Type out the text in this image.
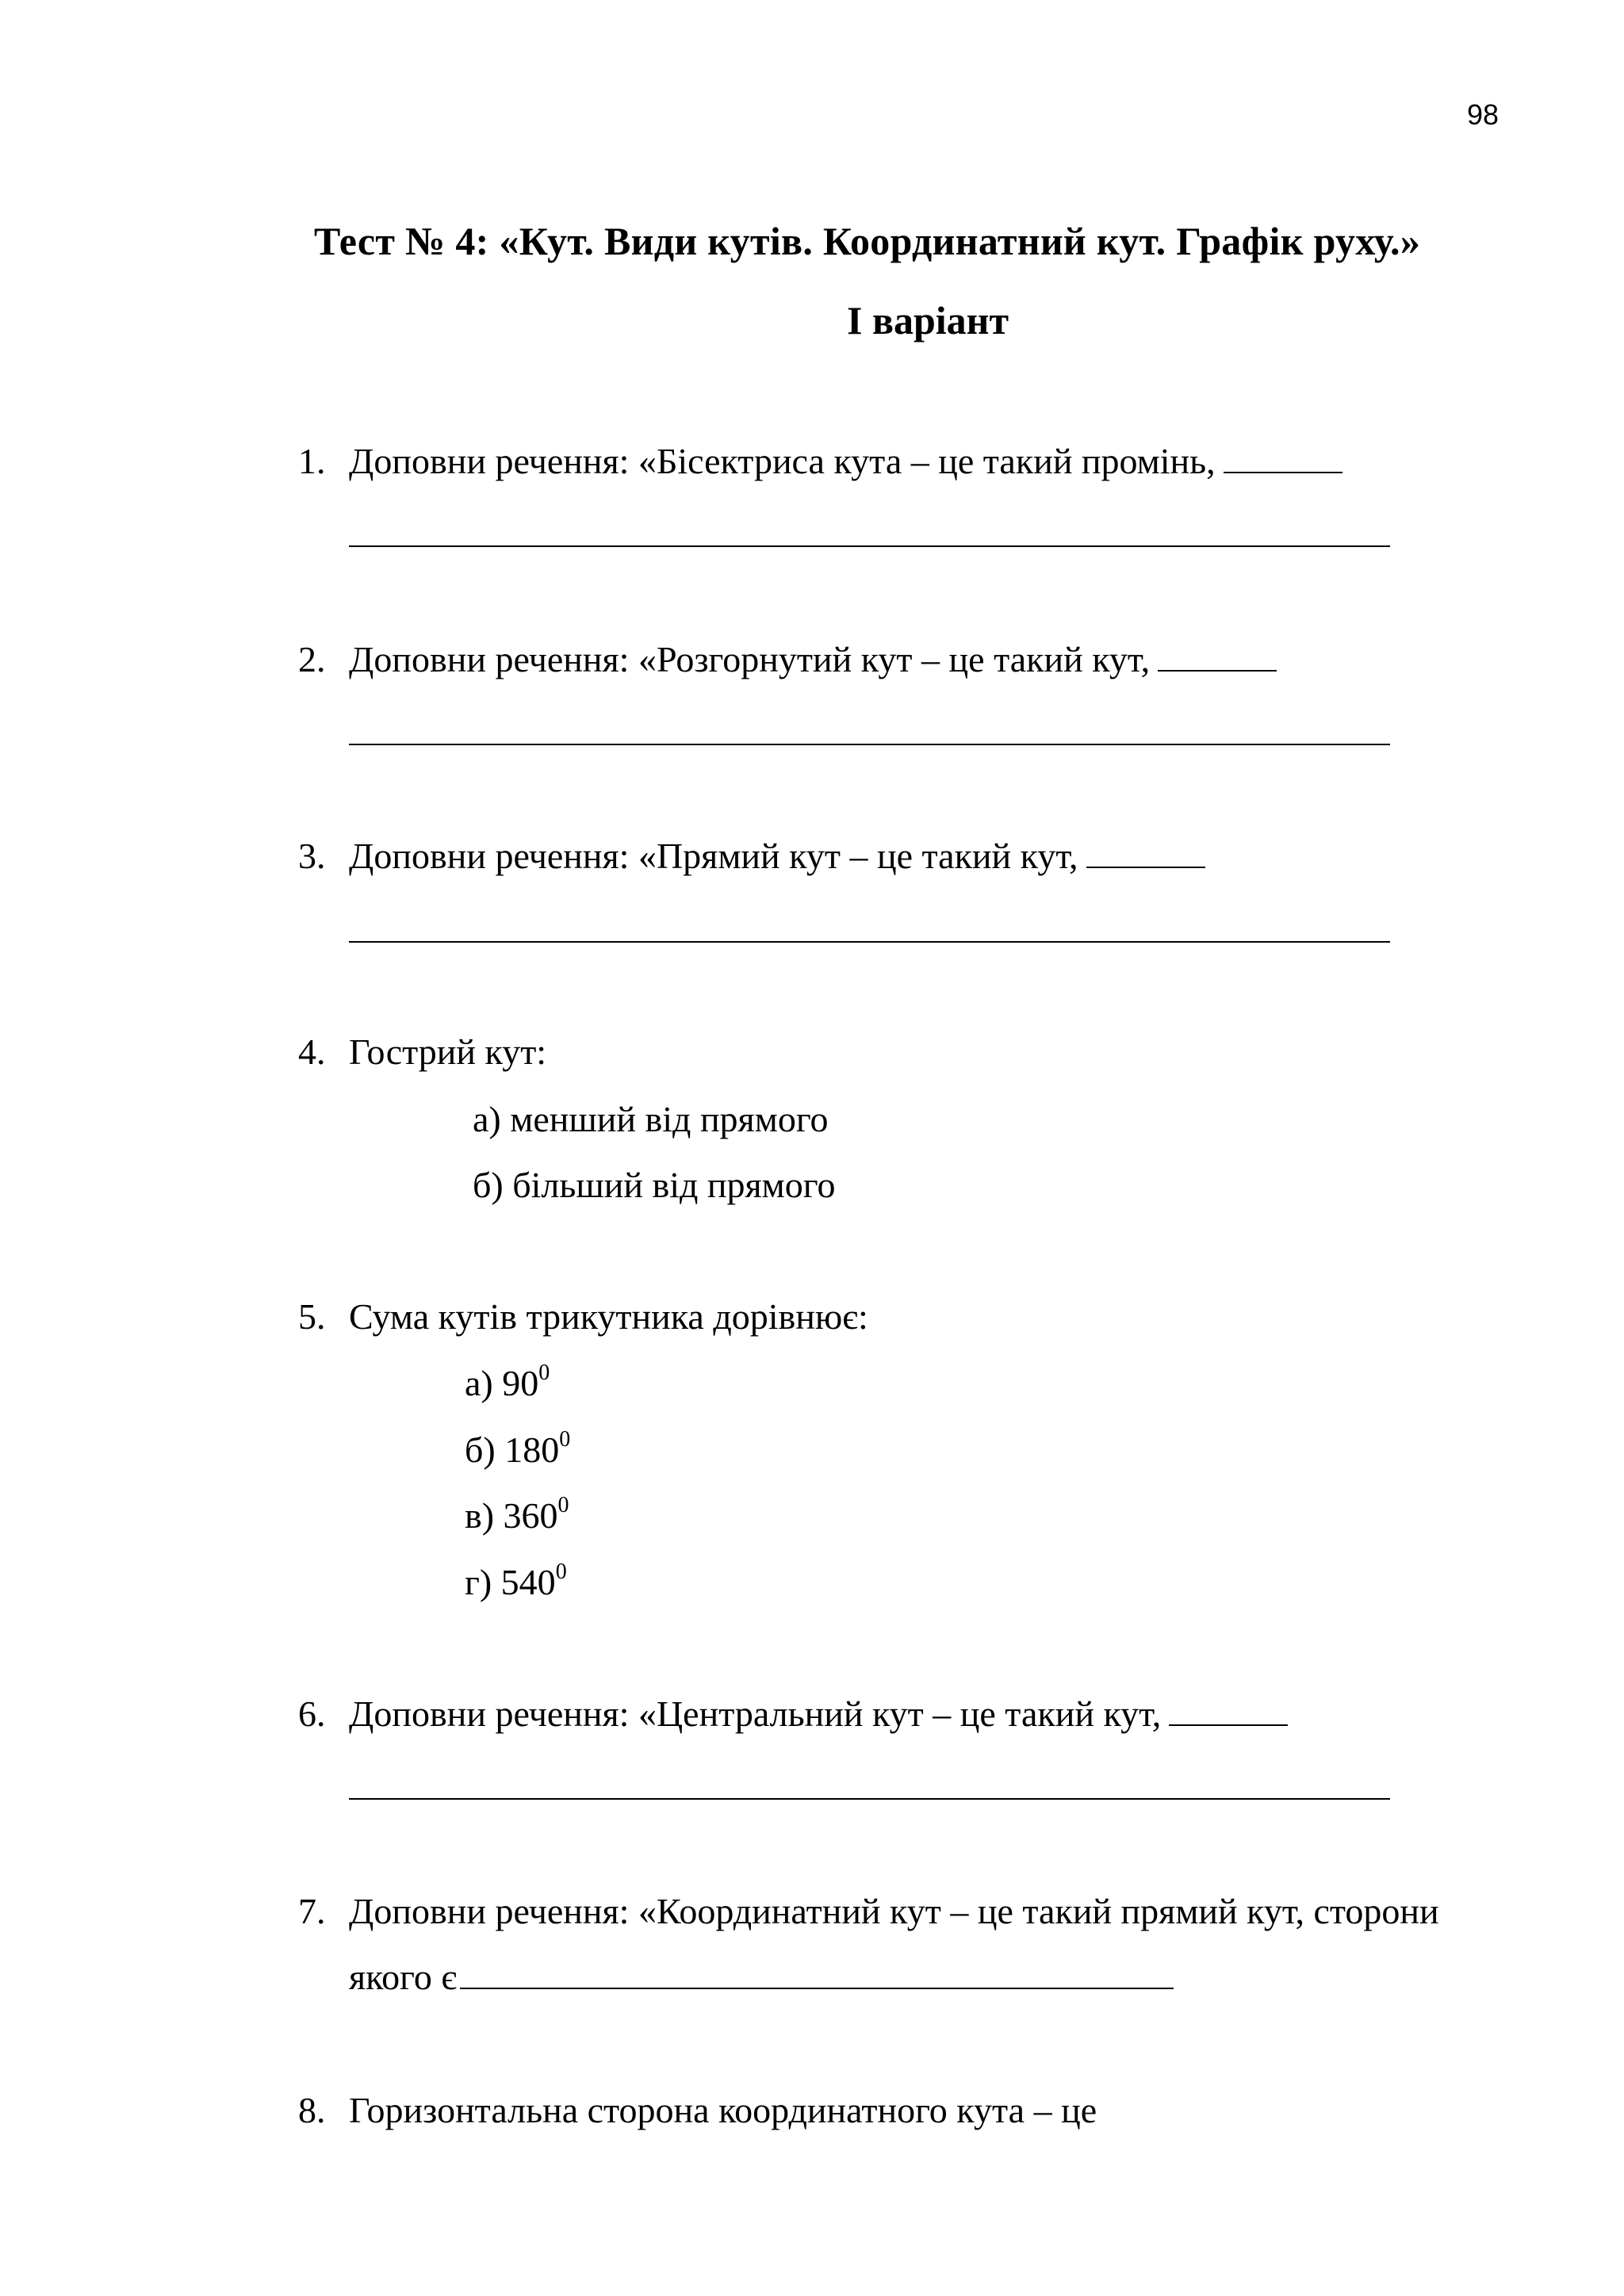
98
Тест № 4: «Кут. Види кутів. Координатний кут. Графік руху.»
I варіант
1. Доповни речення: «Бісектриса кута – це такий промінь,
2. Доповни речення: «Розгорнутий кут – це такий кут,
3. Доповни речення: «Прямий кут – це такий кут,
4. Гострий кут:
а) менший від прямого
б) більший від прямого
5. Сума кутів трикутника дорівнює:
а) $90^0$
б) $180^0$
в) $360^0$
г) $540^0$
6. Доповни речення: «Центральний кут – це такий кут,
7. Доповни речення: «Координатний кут – це такий прямий кут, сторони
якого є
8. Горизонтальна сторона координатного кута – це
